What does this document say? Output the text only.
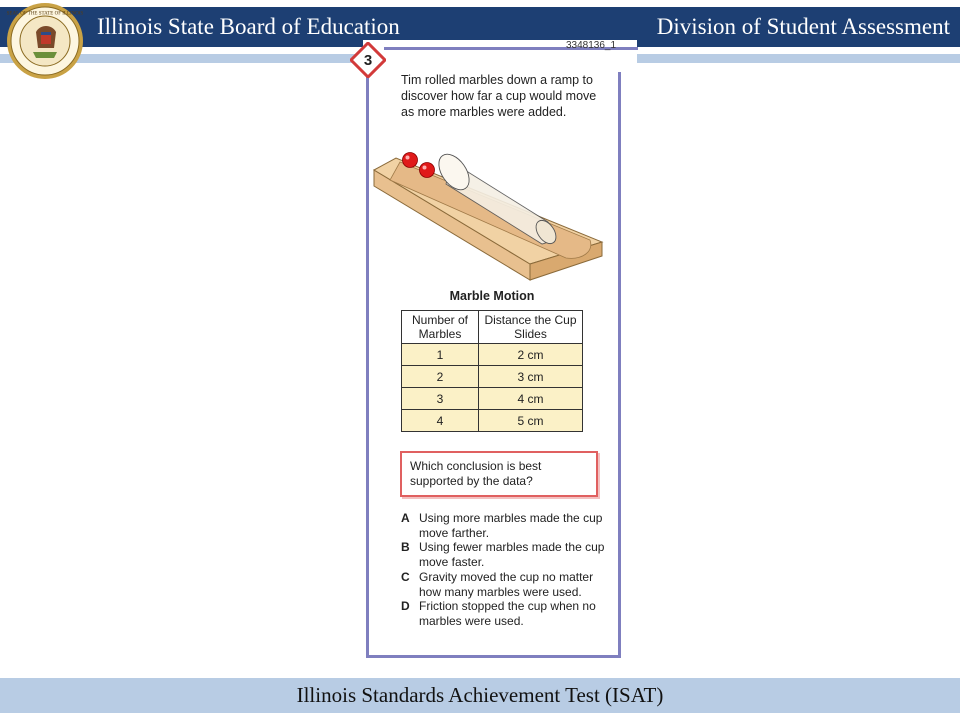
Illinois State Board of Education	Division of Student Assessment
SEAL OF THE STATE OF ILLINOIS
3
3348136_1
Tim rolled marbles down a ramp to discover how far a cup would move as more marbles were added.
Marble Motion
Number of Marbles	Distance the Cup Slides
1	2 cm
2	3 cm
3	4 cm
4	5 cm
Which conclusion is best supported by the data?
A Using more marbles made the cup move farther.
B Using fewer marbles made the cup move faster.
C Gravity moved the cup no matter how many marbles were used.
D Friction stopped the cup when no marbles were used.
Illinois Standards Achievement Test (ISAT)
